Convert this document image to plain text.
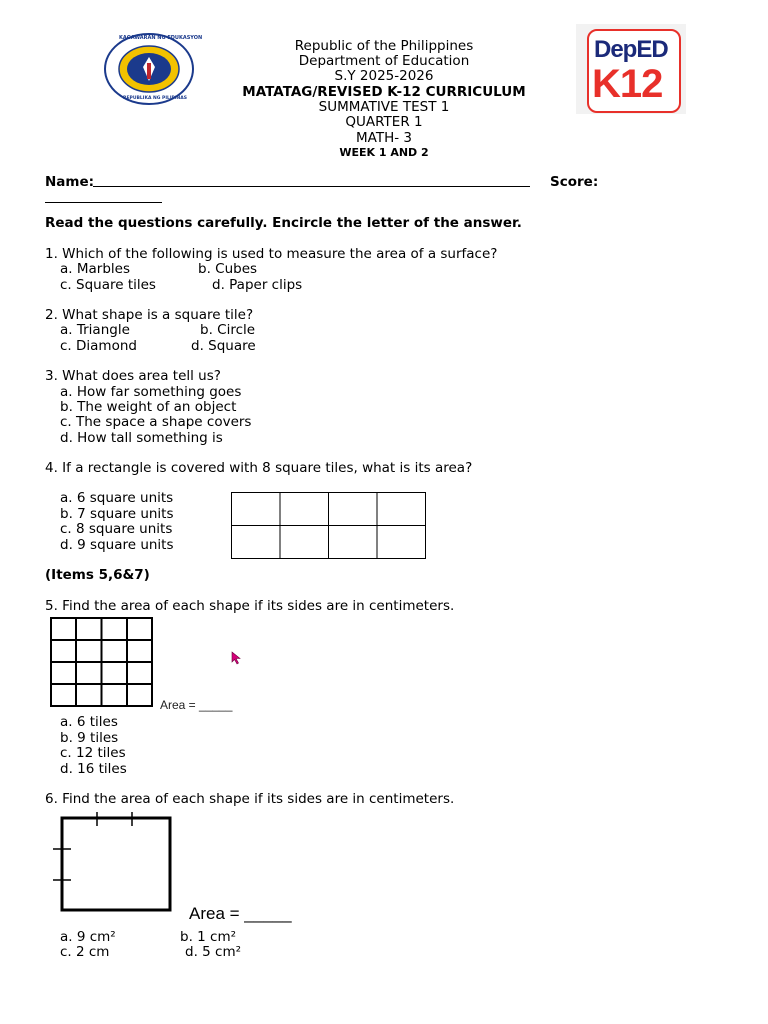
KAGAWARAN NG EDUKASYON
REPUBLIKA NG PILIPINAS
DepED
K12
Republic of the Philippines
Department of Education
S.Y 2025-2026
MATATAG/REVISED K-12 CURRICULUM
SUMMATIVE TEST 1
QUARTER 1
MATH- 3
WEEK 1 AND 2
Name:	Score:
Read the questions carefully. Encircle the letter of the answer.
1. Which of the following is used to measure the area of a surface?
a. Marbles	b. Cubes
c. Square tiles	d. Paper clips
2. What shape is a square tile?
a. Triangle	b. Circle
c. Diamond	d. Square
3. What does area tell us?
a. How far something goes
b. The weight of an object
c. The space a shape covers
d. How tall something is
4. If a rectangle is covered with 8 square tiles, what is its area?
a. 6 square units
b. 7 square units
c. 8 square units
d. 9 square units
(Items 5,6&7)
5. Find the area of each shape if its sides are in centimeters.
Area = _____
a. 6 tiles
b. 9 tiles
c. 12 tiles
d. 16 tiles
6. Find the area of each shape if its sides are in centimeters.
Area = _____
a. 9 cm²	b. 1 cm²
c. 2 cm	d. 5 cm²
